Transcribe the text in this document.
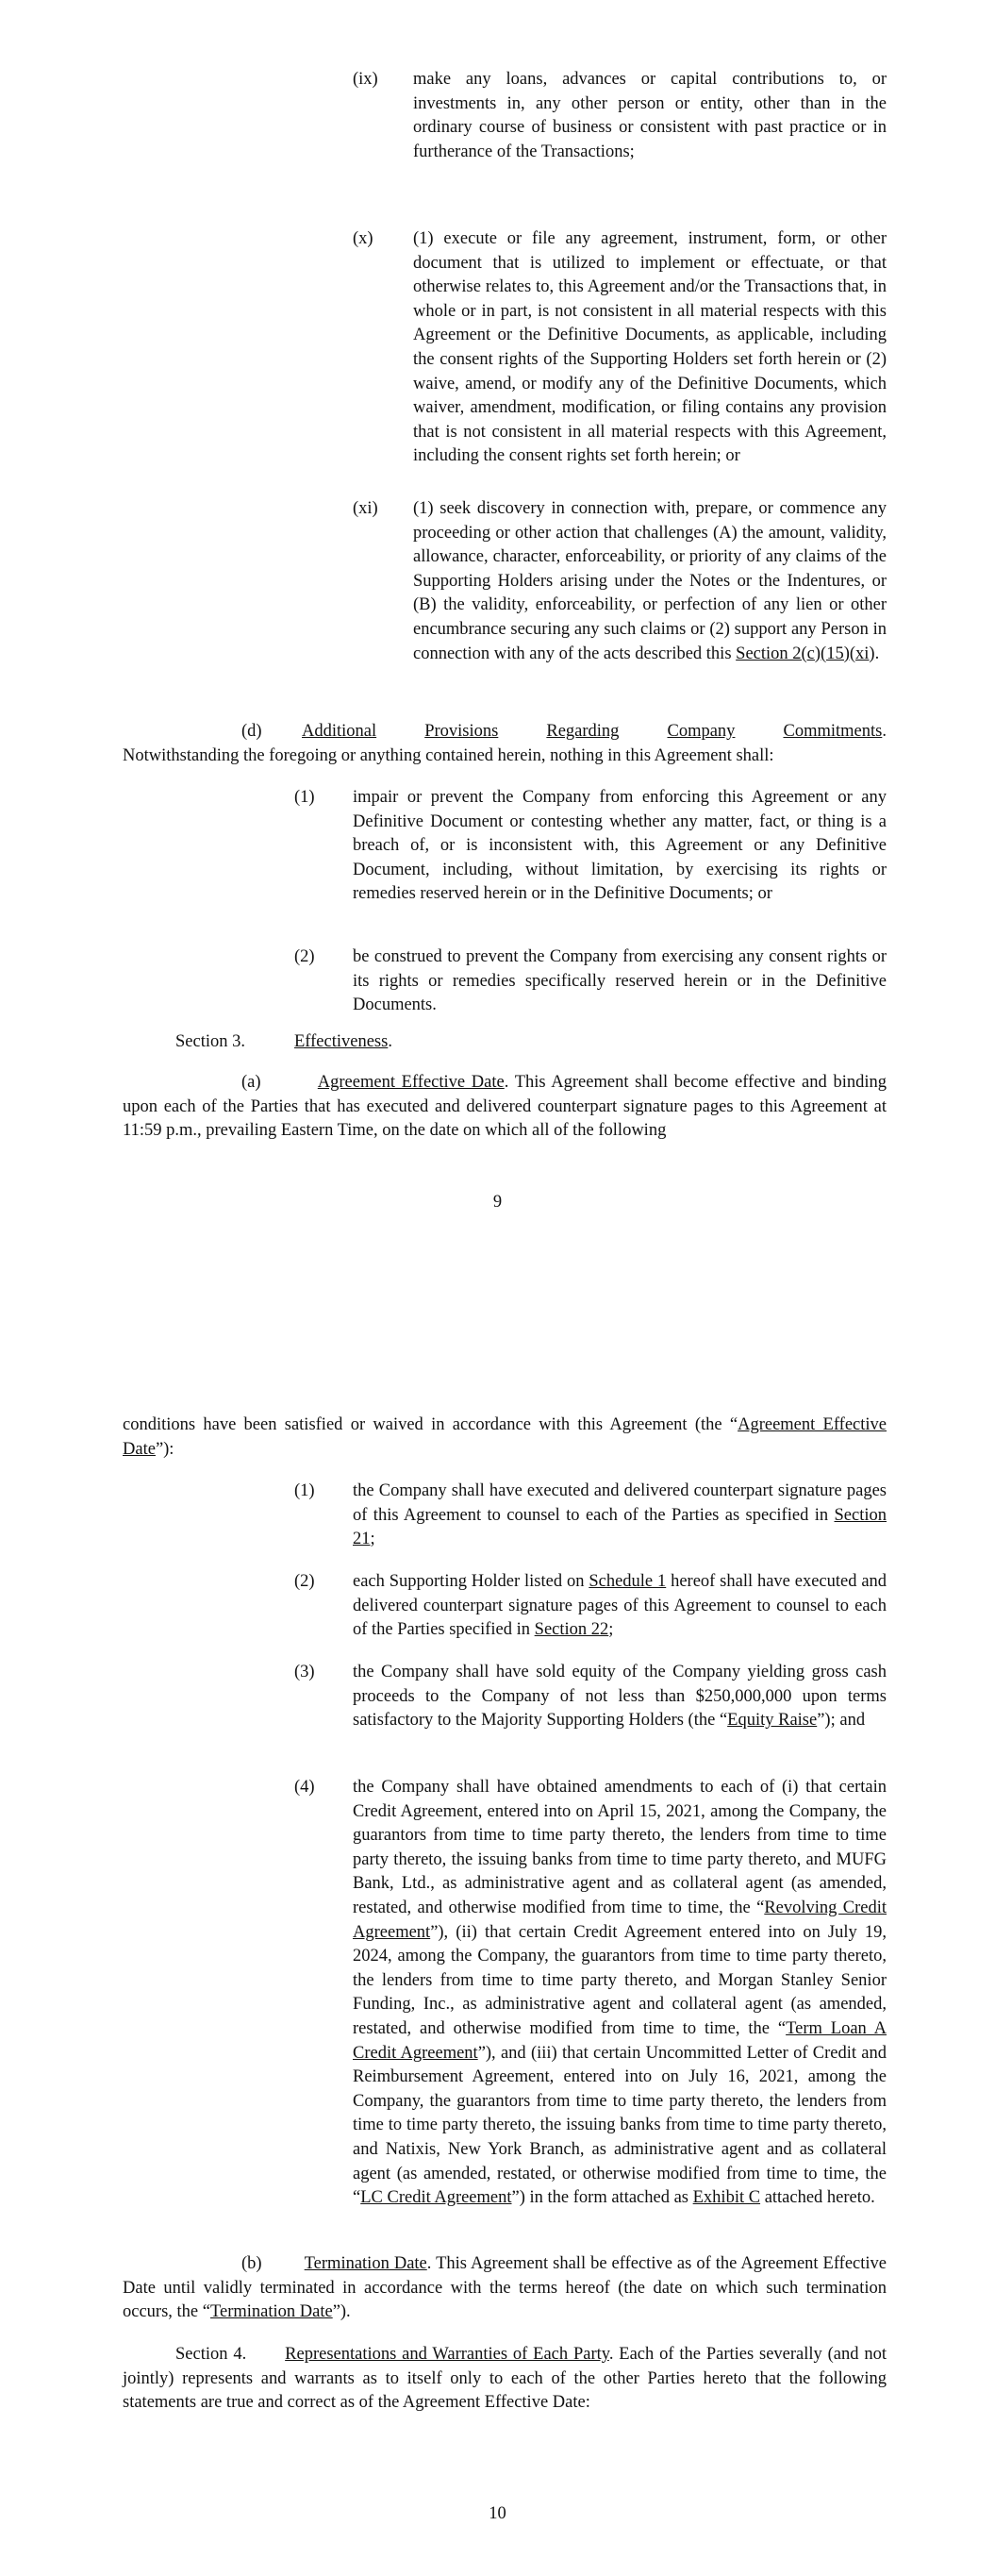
(ix) make any loans, advances or capital contributions to, or investments in, any other person or entity, other than in the ordinary course of business or consistent with past practice or in furtherance of the Transactions;

(x) (1) execute or file any agreement, instrument, form, or other document that is utilized to implement or effectuate, or that otherwise relates to, this Agreement and/or the Transactions that, in whole or in part, is not consistent in all material respects with this Agreement or the Definitive Documents, as applicable, including the consent rights of the Supporting Holders set forth herein or (2) waive, amend, or modify any of the Definitive Documents, which waiver, amendment, modification, or filing contains any provision that is not consistent in all material respects with this Agreement, including the consent rights set forth herein; or

(xi) (1) seek discovery in connection with, prepare, or commence any proceeding or other action that challenges (A) the amount, validity, allowance, character, enforceability, or priority of any claims of the Supporting Holders arising under the Notes or the Indentures, or (B) the validity, enforceability, or perfection of any lien or other encumbrance securing any such claims or (2) support any Person in connection with any of the acts described this Section 2(c)(15)(xi).

(d) Additional	Provisions	Regarding	Company	Commitments.

Notwithstanding the foregoing or anything contained herein, nothing in this Agreement shall:

(1) impair or prevent the Company from enforcing this Agreement or any Definitive Document or contesting whether any matter, fact, or thing is a breach of, or is inconsistent with, this Agreement or any Definitive Document, including, without limitation, by exercising its rights or remedies reserved herein or in the Definitive Documents; or

(2) be construed to prevent the Company from exercising any consent rights or its rights or remedies specifically reserved herein or in the Definitive Documents.

Section 3.	Effectiveness.

(a)	Agreement Effective Date. This Agreement shall become effective and binding upon each of the Parties that has executed and delivered counterpart signature pages to this Agreement at 11:59 p.m., prevailing Eastern Time, on the date on which all of the following

9

conditions have been satisfied or waived in accordance with this Agreement (the “Agreement Effective Date”):

(1) the Company shall have executed and delivered counterpart signature pages of this Agreement to counsel to each of the Parties as specified in Section 21;

(2) each Supporting Holder listed on Schedule 1 hereof shall have executed and delivered counterpart signature pages of this Agreement to counsel to each of the Parties specified in Section 22;

(3) the Company shall have sold equity of the Company yielding gross cash proceeds to the Company of not less than $250,000,000 upon terms satisfactory to the Majority Supporting Holders (the “Equity Raise”); and

(4) the Company shall have obtained amendments to each of (i) that certain Credit Agreement, entered into on April 15, 2021, among the Company, the guarantors from time to time party thereto, the lenders from time to time party thereto, the issuing banks from time to time party thereto, and MUFG Bank, Ltd., as administrative agent and as collateral agent (as amended, restated, and otherwise modified from time to time, the “Revolving Credit Agreement”), (ii) that certain Credit Agreement entered into on July 19, 2024, among the Company, the guarantors from time to time party thereto, the lenders from time to time party thereto, and Morgan Stanley Senior Funding, Inc., as administrative agent and collateral agent (as amended, restated, and otherwise modified from time to time, the “Term Loan A Credit Agreement”), and (iii) that certain Uncommitted Letter of Credit and Reimbursement Agreement, entered into on July 16, 2021, among the Company, the guarantors from time to time party thereto, the lenders from time to time party thereto, the issuing banks from time to time party thereto, and Natixis, New York Branch, as administrative agent and as collateral agent (as amended, restated, or otherwise modified from time to time, the “LC Credit Agreement”) in the form attached as Exhibit C attached hereto.

(b) Termination Date. This Agreement shall be effective as of the Agreement Effective Date until validly terminated in accordance with the terms hereof (the date on which such termination occurs, the “Termination Date”).

Section 4. Representations and Warranties of Each Party. Each of the Parties severally (and not jointly) represents and warrants as to itself only to each of the other Parties hereto that the following statements are true and correct as of the Agreement Effective Date:

10
